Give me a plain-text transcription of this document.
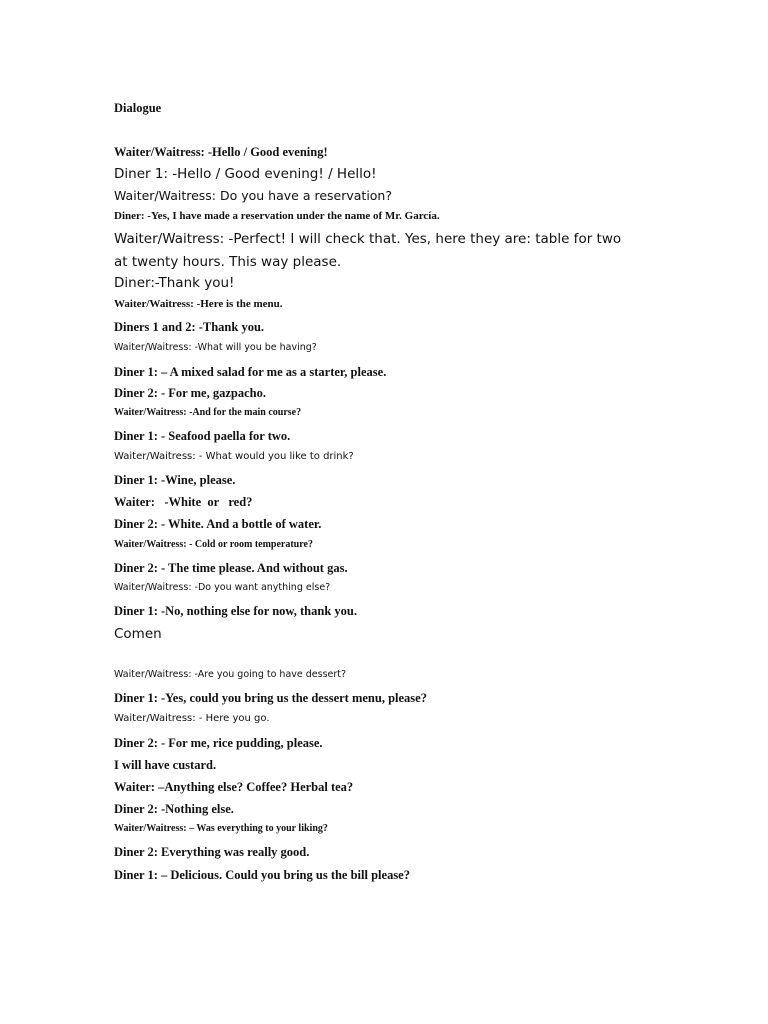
Dialogue

Waiter/Waitress: -Hello / Good evening!

Diner 1: -Hello / Good evening! / Hello!

Waiter/Waitress: Do you have a reservation?

Diner: -Yes, I have made a reservation under the name of Mr. García.

Waiter/Waitress: -Perfect! I will check that. Yes, here they are: table for two at twenty hours. This way please.

Diner:-Thank you!

Waiter/Waitress: -Here is the menu.

Diners 1 and 2: -Thank you.

Waiter/Waitress: -What will you be having?

Diner 1: – A mixed salad for me as a starter, please.

Diner 2: - For me, gazpacho.

Waiter/Waitress: -And for the main course?

Diner 1: - Seafood paella for two.

Waiter/Waitress: - What would you like to drink?

Diner 1: -Wine, please.

Waiter:   -White  or   red?

Diner 2: - White. And a bottle of water.

Waiter/Waitress: - Cold or room temperature?

Diner 2: - The time please. And without gas.

Waiter/Waitress: -Do you want anything else?

Diner 1: -No, nothing else for now, thank you.

Comen

Waiter/Waitress: -Are you going to have dessert?

Diner 1: -Yes, could you bring us the dessert menu, please?

Waiter/Waitress: - Here you go.

Diner 2: - For me, rice pudding, please.

I will have custard.

Waiter: –Anything else? Coffee? Herbal tea?

Diner 2: -Nothing else.

Waiter/Waitress: – Was everything to your liking?

Diner 2: Everything was really good.

Diner 1: – Delicious. Could you bring us the bill please?
